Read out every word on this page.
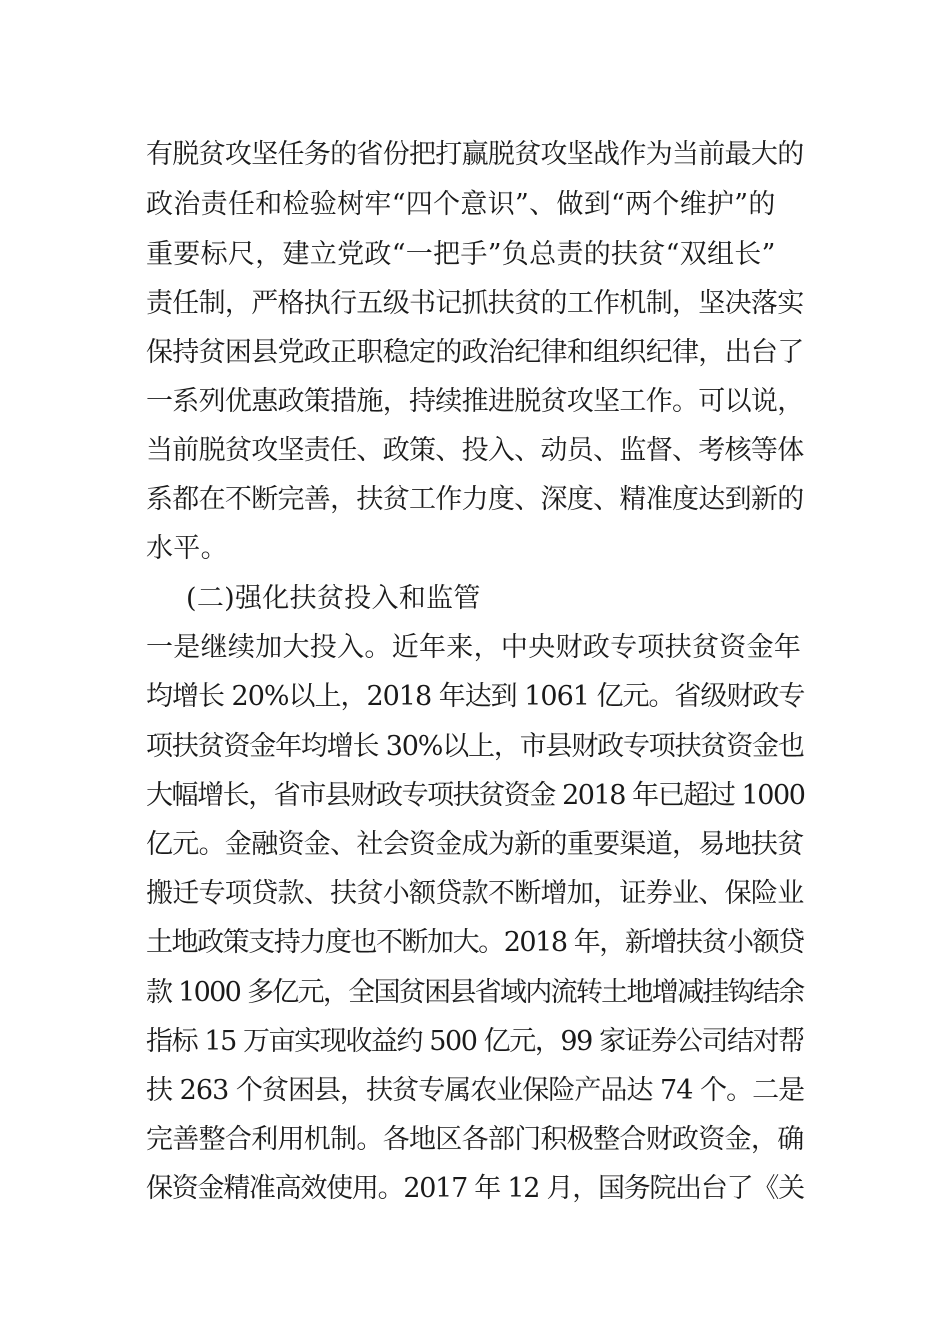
有脱贫攻坚任务的省份把打赢脱贫攻坚战作为当前最大的

政治责任和检验树牢“四个意识”、做到“两个维护”的

重要标尺，建立党政“一把手”负总责的扶贫“双组长”

责任制，严格执行五级书记抓扶贫的工作机制，坚决落实

保持贫困县党政正职稳定的政治纪律和组织纪律，出台了

一系列优惠政策措施，持续推进脱贫攻坚工作。可以说，

当前脱贫攻坚责任、政策、投入、动员、监督、考核等体

系都在不断完善，扶贫工作力度、深度、精准度达到新的

水平。

(二)强化扶贫投入和监管

一是继续加大投入。近年来，中央财政专项扶贫资金年

均增长 20%以上，2018 年达到 1061 亿元。省级财政专

项扶贫资金年均增长 30%以上，市县财政专项扶贫资金也

大幅增长，省市县财政专项扶贫资金 2018 年已超过 1000

亿元。金融资金、社会资金成为新的重要渠道，易地扶贫

搬迁专项贷款、扶贫小额贷款不断增加，证券业、保险业

土地政策支持力度也不断加大。2018 年，新增扶贫小额贷

款 1000 多亿元，全国贫困县省域内流转土地增减挂钩结余

指标 15 万亩实现收益约 500 亿元，99 家证券公司结对帮

扶 263 个贫困县，扶贫专属农业保险产品达 74 个。二是

完善整合利用机制。各地区各部门积极整合财政资金，确

保资金精准高效使用。2017 年 12 月，国务院出台了《关
